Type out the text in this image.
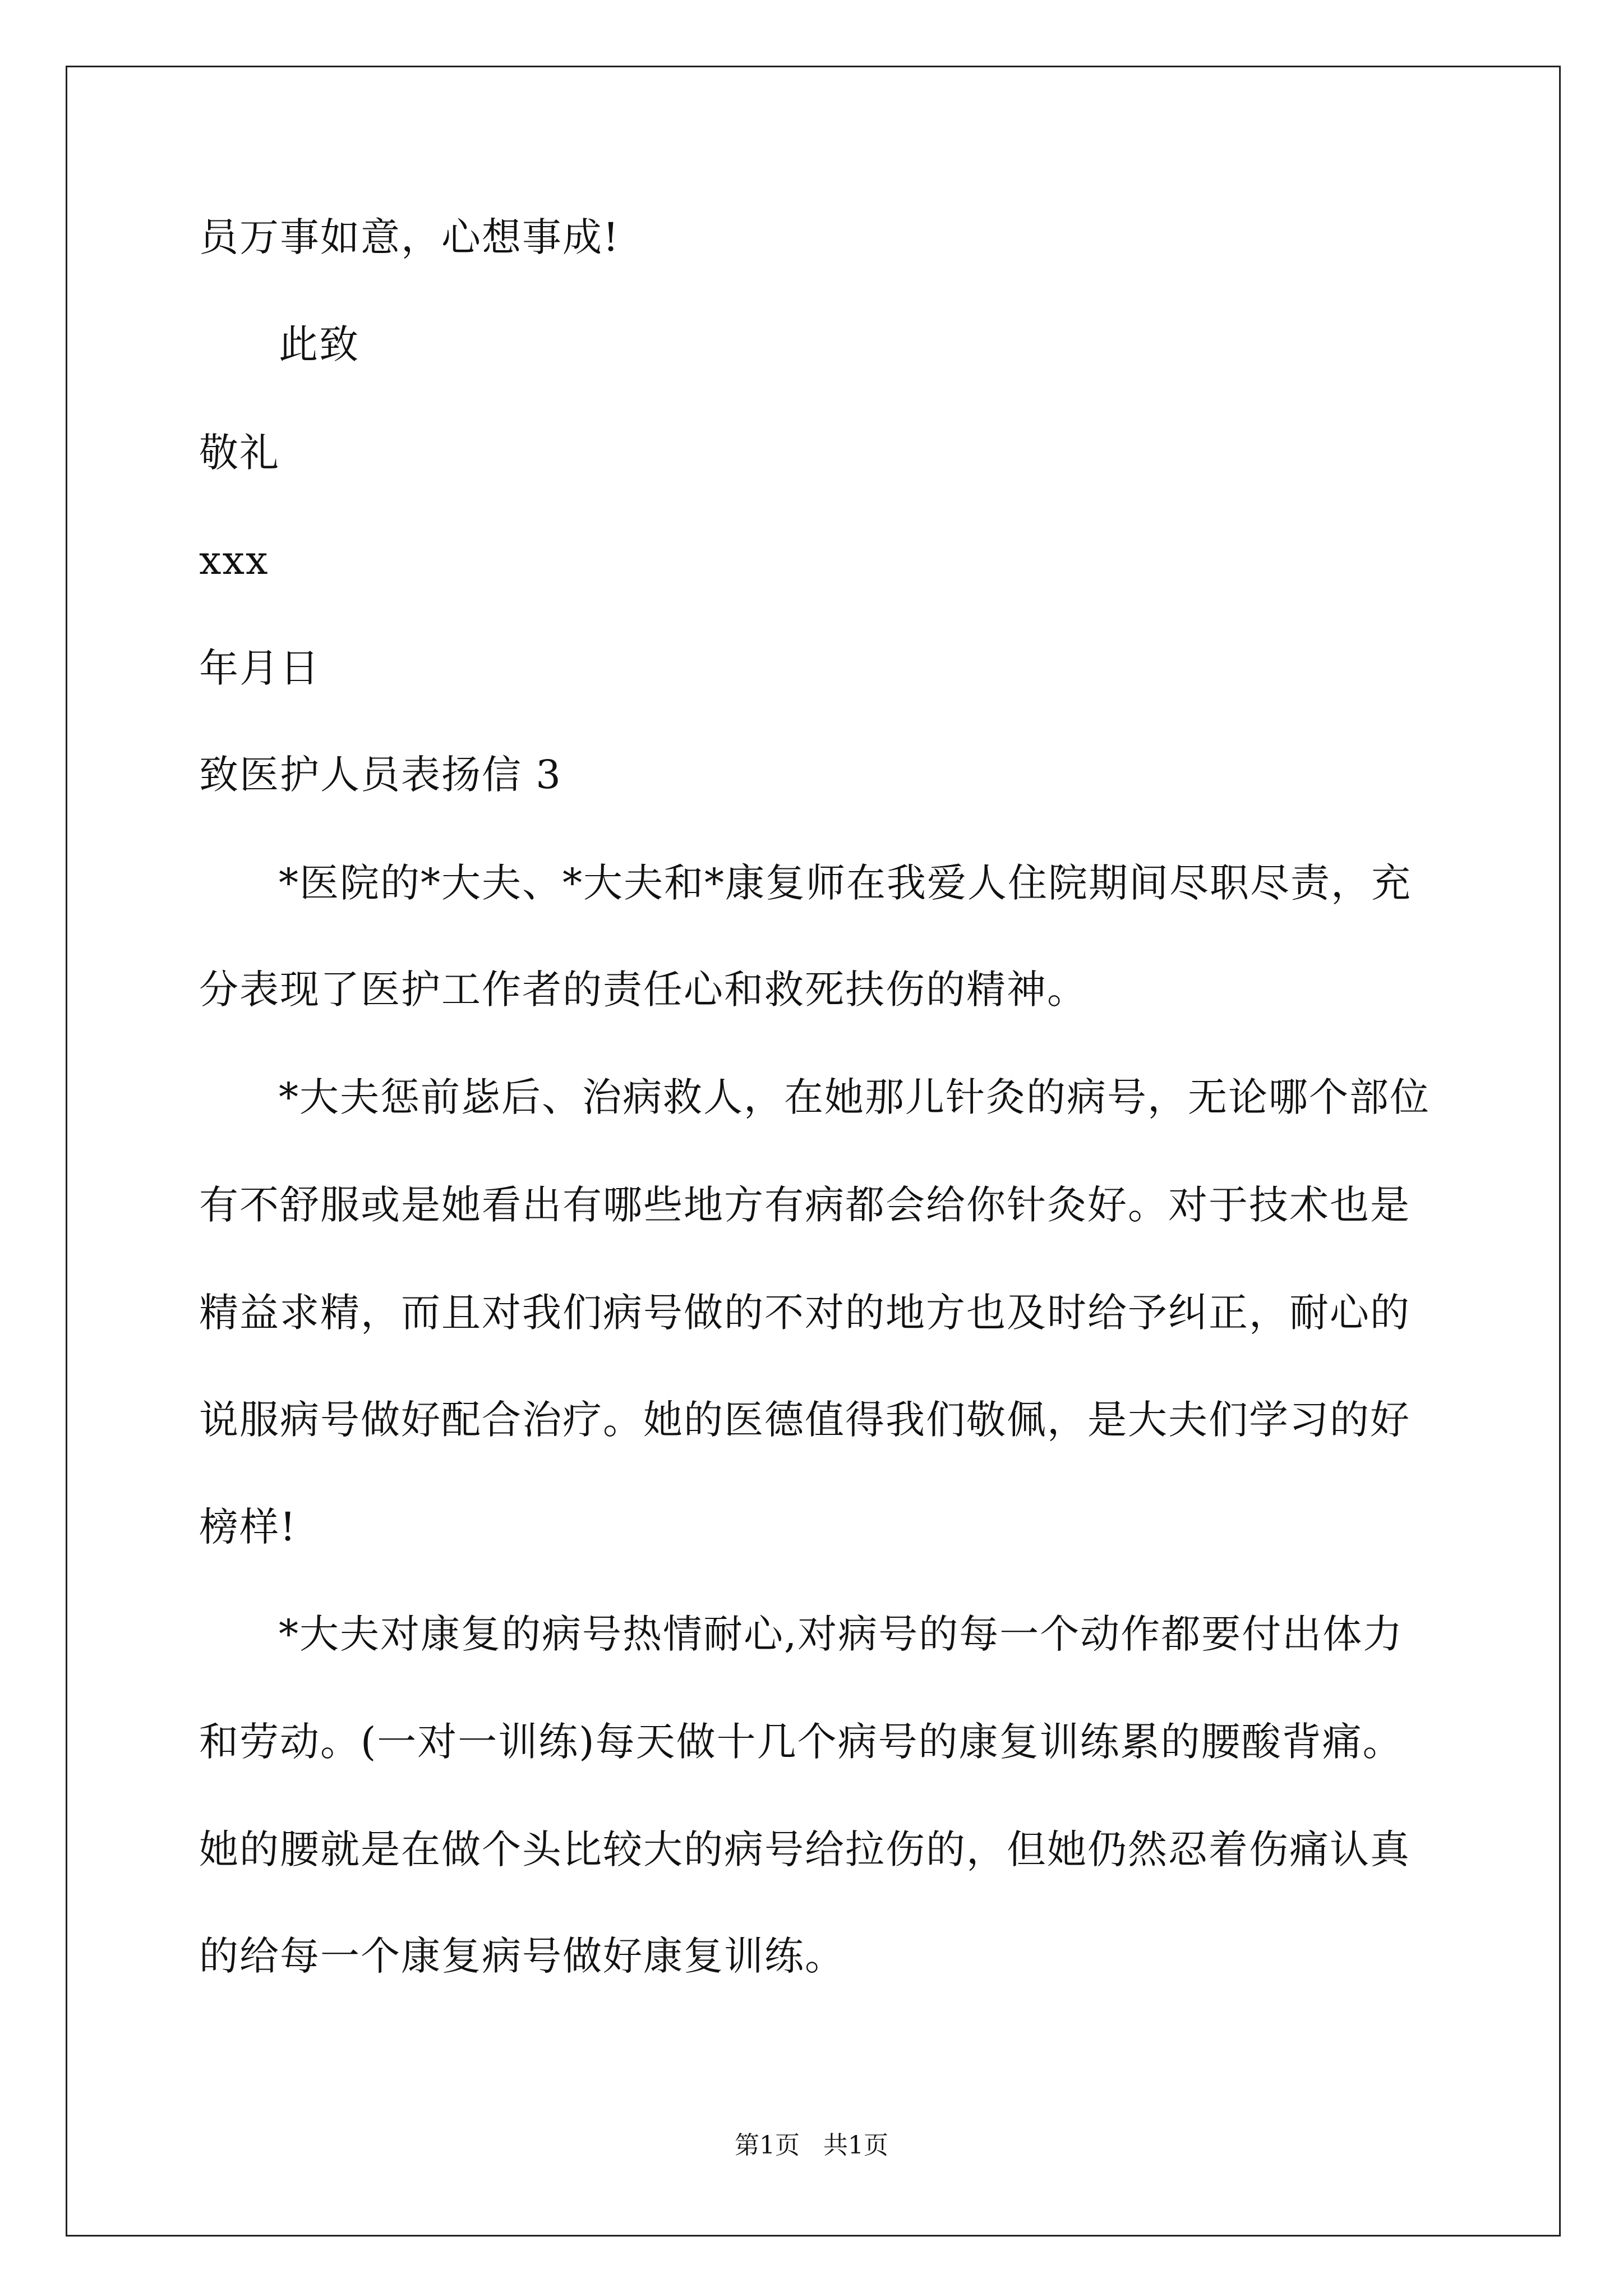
员万事如意，心想事成!

此致

敬礼

xxx

年月日

致医护人员表扬信 3

*医院的*大夫、*大夫和*康复师在我爱人住院期间尽职尽责，充

分表现了医护工作者的责任心和救死扶伤的精神。

*大夫惩前毖后、治病救人，在她那儿针灸的病号，无论哪个部位

有不舒服或是她看出有哪些地方有病都会给你针灸好。对于技术也是

精益求精，而且对我们病号做的不对的地方也及时给予纠正，耐心的

说服病号做好配合治疗。她的医德值得我们敬佩，是大夫们学习的好

榜样!

*大夫对康复的病号热情耐心,对病号的每一个动作都要付出体力

和劳动。(一对一训练)每天做十几个病号的康复训练累的腰酸背痛。

她的腰就是在做个头比较大的病号给拉伤的，但她仍然忍着伤痛认真

的给每一个康复病号做好康复训练。

第1页   共1页
